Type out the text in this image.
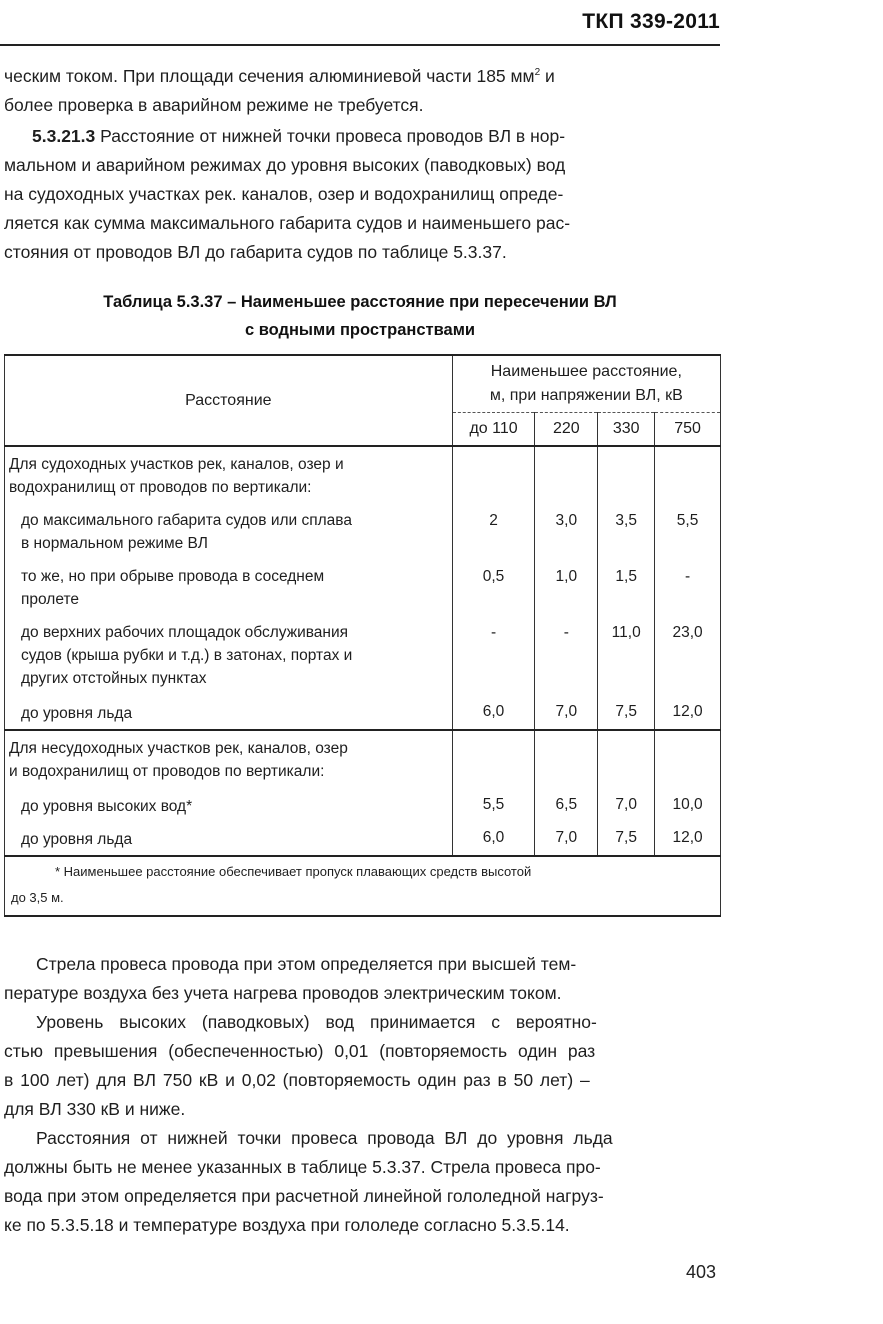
ТКП 339-2011
ческим током. При площади сечения алюминиевой части 185 $мм^2$ и
более проверка в аварийном режиме не требуется.
5.3.21.3 Расстояние от нижней точки провеса проводов ВЛ в нор-
мальном и аварийном режимах до уровня высоких (паводковых) вод
на судоходных участках рек. каналов, озер и водохранилищ опреде-
ляется как сумма максимального габарита судов и наименьшего рас-
стояния от проводов ВЛ до габарита судов по таблице 5.3.37.
Таблица 5.3.37 – Наименьшее расстояние при пересечении ВЛ
с водными пространствами
Расстояние	Наименьшее расстояние,
м, при напряжении ВЛ, кВ			

	до 110	220	330	750

Для судоходных участков рек, каналов, озер и
водохранилищ от проводов по вертикали:				

до максимального габарита судов или сплава
в нормальном режиме ВЛ	2	3,0	3,5	5,5

то же, но при обрыве провода в соседнем
пролете	0,5	1,0	1,5	-

до верхних рабочих площадок обслуживания
судов (крыша рубки и т.д.) в затонах, портах и
других отстойных пунктах	-	-	11,0	23,0
до уровня льда	6,0	7,0	7,5	12,0

Для несудоходных участков рек, каналов, озер
и водохранилищ от проводов по вертикали:				

до уровня высоких вод*	5,5	6,5	7,0	10,0
до уровня льда	6,0	7,0	7,5	12,0

* Наименьшее расстояние обеспечивает пропуск плавающих средств высотой
до 3,5 м.				
Стрела провеса провода при этом определяется при высшей тем-
пературе воздуха без учета нагрева проводов электрическим током.
Уровень высоких (паводковых) вод принимается с вероятно-
стью превышения (обеспеченностью) 0,01 (повторяемость один раз
в 100 лет) для ВЛ 750 кВ и 0,02 (повторяемость один раз в 50 лет) –
для ВЛ 330 кВ и ниже.
Расстояния от нижней точки провеса провода ВЛ до уровня льда
должны быть не менее указанных в таблице 5.3.37. Стрела провеса про-
вода при этом определяется при расчетной линейной гололедной нагруз-
ке по 5.3.5.18 и температуре воздуха при гололеде согласно 5.3.5.14.
403
